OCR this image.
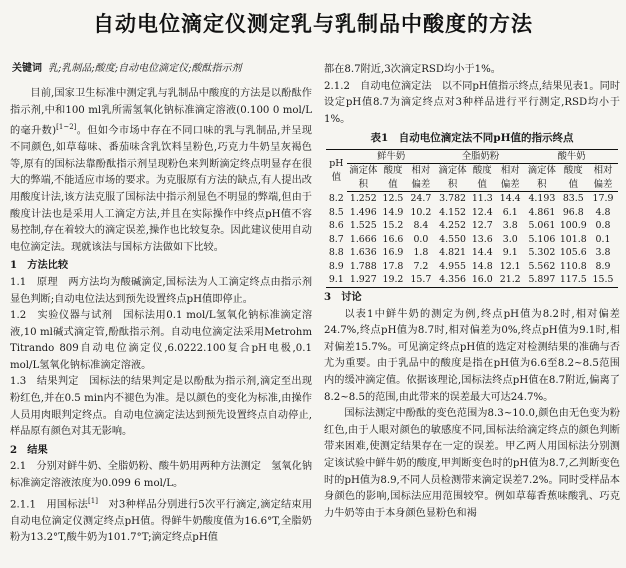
自动电位滴定仪测定乳与乳制品中酸度的方法
关键词 乳;乳制品;酸度;自动电位滴定仪;酸酞指示剂

目前,国家卫生标准中测定乳与乳制品中酸度的方法是以酚酞作指示剂,中和100 ml乳所需氢氧化钠标准滴定溶液(0.100 0 mol/L的毫升数)[1~2]。但如今市场中存在不同口味的乳与乳制品,并呈现不同颜色,如草莓味、番茄味含乳饮料呈粉色,巧克力牛奶呈灰褐色等,原有的国标法靠酚酞指示剂呈现粉色来判断滴定终点明显存在很大的弊端,不能适应市场的要求。为克服原有方法的缺点,有人提出改用酸度计法,该方法克服了国标法中指示剂显色不明显的弊端,但由于酸度计法也是采用人工滴定方法,并且在实际操作中终点pH值不容易控制,存在着较大的滴定误差,操作也比较复杂。因此建议使用自动电位滴定法。现就该法与国标方法做如下比较。

1　方法比较

1.1　原理　 两方法均为酸碱滴定,国标法为人工滴定终点由指示剂显色判断;自动电位法达到预先设置终点pH值即停止。

1.2　实验仪器与试剂　 国标法用0.1 mol/L氢氧化钠标准滴定溶液,10 ml碱式滴定管,酚酞指示剂。自动电位滴定法采用Metrohm Titrando 809自动电位滴定仪,6.0222.100复合pH电极,0.1 mol/L氢氧化钠标准滴定溶液。

1.3　结果判定　 国标法的结果判定是以酚酞为指示剂,滴定至出现粉红色,并在0.5 min内不褪色为准。是以颜色的变化为标准,由操作人员用肉眼判定终点。自动电位滴定法达到预先设置终点自动停止,样品原有颜色对其无影响。

2　结果

2.1　 分别对鲜牛奶、全脂奶粉、酸牛奶用两种方法测定　氢氧化钠标准滴定溶液浓度为0.099 6 mol/L。

2.1.1　用国标法[1]　 对3种样品分别进行5次平行滴定,滴定结束用自动电位滴定仪测定终点pH值。得鲜牛奶酸度值为16.6°T,全脂奶粉为13.2°T,酸牛奶为101.7°T;滴定终点pH值

都在8.7附近,3次滴定RSD均小于1%。

2.1.2　自动电位滴定法　 以不同pH值指示终点,结果见表1。同时设定pH值8.7为滴定终点对3种样品进行平行测定,RSD均小于1%。

表1　自动电位滴定法不同pH值的指示终点
pH值	鲜牛奶			全脂奶粉			酸牛奶		
	滴定体积	酸度值	相对偏差	滴定体积	酸度值	相对偏差	滴定体积	酸度值	相对偏差
8.2	1.252	12.5	24.7	3.782	11.3	14.4	4.193	83.5	17.9
8.5	1.496	14.9	10.2	4.152	12.4	6.1	4.861	96.8	4.8
8.6	1.525	15.2	8.4	4.252	12.7	3.8	5.061	100.9	0.8
8.7	1.666	16.6	0.0	4.550	13.6	3.0	5.106	101.8	0.1
8.8	1.636	16.9	1.8	4.821	14.4	9.1	5.302	105.6	3.8
8.9	1.788	17.8	7.2	4.955	14.8	12.1	5.562	110.8	8.9
9.1	1.927	19.2	15.7	4.356	16.0	21.2	5.897	117.5	15.5
3　讨论

以表1中鲜牛奶的测定为例,终点pH值为8.2时,相对偏差24.7%,终点pH值为8.7时,相对偏差为0%,终点pH值为9.1时,相对偏差15.7%。可见滴定终点pH值的选定对检测结果的准确与否尤为重要。由于乳品中的酸度是指在pH值为6.6至8.2~8.5范围内的缓冲滴定值。依据该理论,国标法终点pH值在8.7附近,偏离了8.2~8.5的范围,由此带来的误差最大可达24.7%。

国标法测定中酚酞的变色范围为8.3~10.0,颜色由无色变为粉红色,由于人眼对颜色的敏感度不同,国标法给滴定终点的颜色判断带来困难,使测定结果存在一定的误差。甲乙两人用国标法分别测定该试验中鲜牛奶的酸度,甲判断变色时的pH值为8.7,乙判断变色时的pH值为8.9,不同人员检测带来滴定误差7.2%。同时受样品本身颜色的影响,国标法应用范围较窄。例如草莓香蕉味酸乳、巧克力牛奶等由于本身颜色显粉色和褐
